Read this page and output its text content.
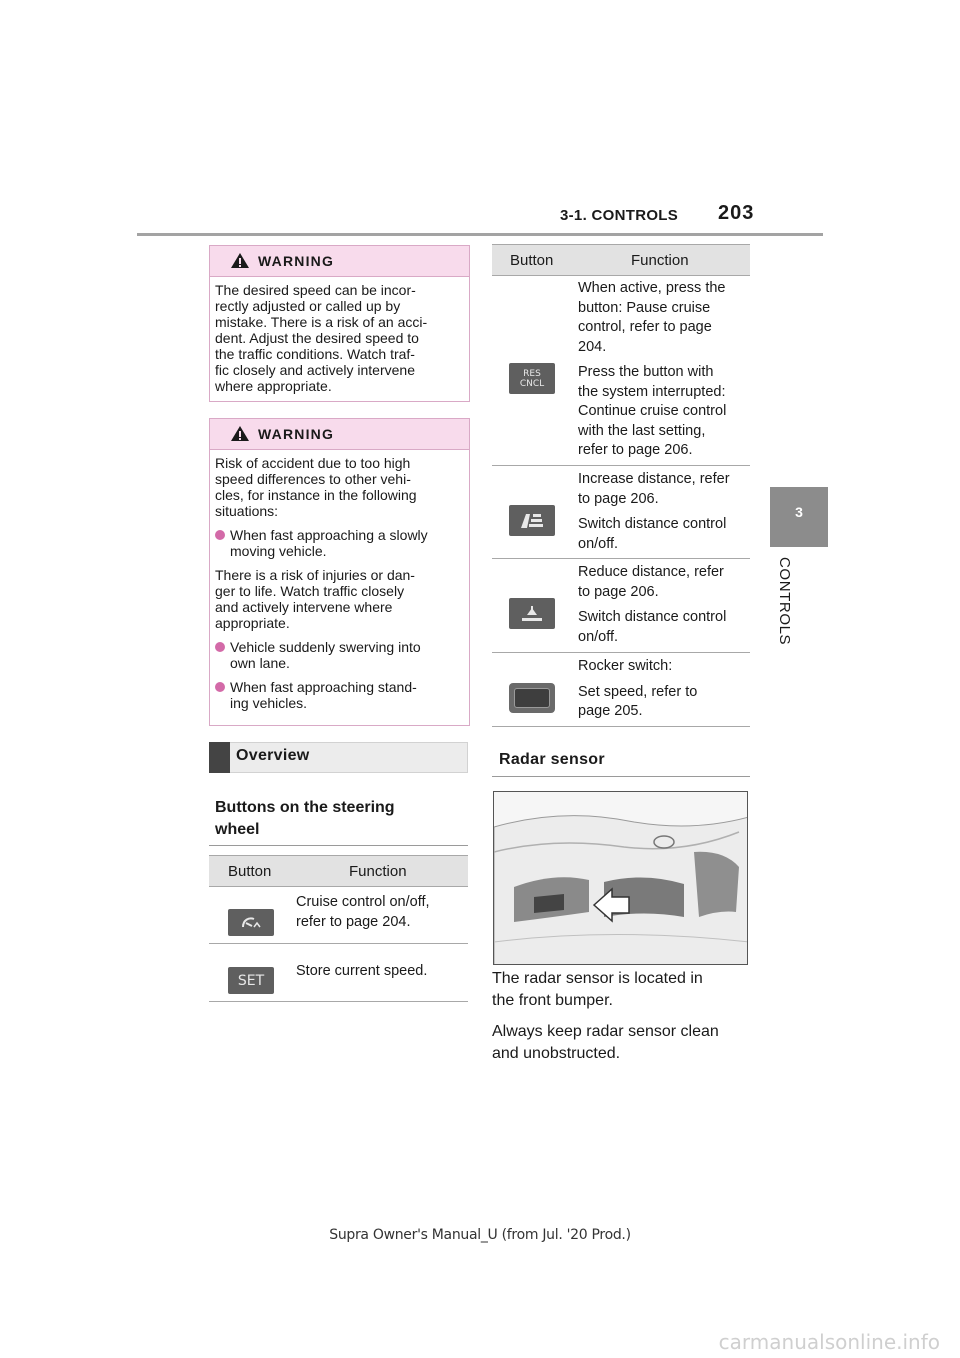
3-1. CONTROLS 203
3
CONTROLS
WARNING

The desired speed can be incor-
rectly adjusted or called up by
mistake. There is a risk of an acci-
dent. Adjust the desired speed to
the traffic conditions. Watch traf-
fic closely and actively intervene
where appropriate.

WARNING

Risk of accident due to too high
speed differences to other vehi-
cles, for instance in the following
situations:

When fast approaching a slowly
moving vehicle.

There is a risk of injuries or dan-
ger to life. Watch traffic closely
and actively intervene where
appropriate.

Vehicle suddenly swerving into
own lane.
When fast approaching stand-
ing vehicles.
Overview
Buttons on the steering
wheel
Button	Function
Cruise control on/off,
refer to page 204.
SET
Store current speed.
Button	Function
RES
CNCL

When active, press the
button: Pause cruise
control, refer to page
204.

Press the button with
the system interrupted:
Continue cruise control
with the last setting,
refer to page 206.

Increase distance, refer
to page 206.

Switch distance control
on/off.

Reduce distance, refer
to page 206.

Switch distance control
on/off.

Rocker switch:

Set speed, refer to
page 205.

Radar sensor

The radar sensor is located in
the front bumper.

Always keep radar sensor clean
and unobstructed.

Supra Owner's Manual_U (from Jul. '20 Prod.)
carmanualsonline.info
